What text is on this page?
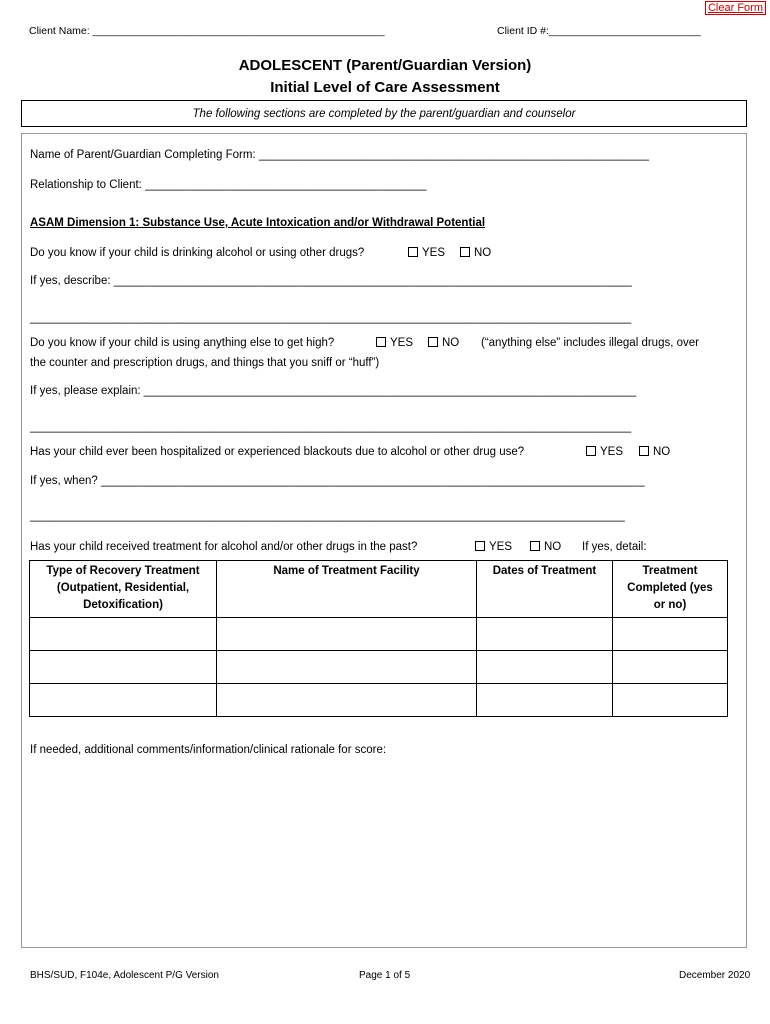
Clear Form
Client Name: __________________________________________________	Client ID #:__________________________
ADOLESCENT (Parent/Guardian Version)
Initial Level of Care Assessment
The following sections are completed by the parent/guardian and counselor
Name of Parent/Guardian Completing Form: _____________________________________________________________
Relationship to Client: ____________________________________________
ASAM Dimension 1: Substance Use, Acute Intoxication and/or Withdrawal Potential
Do you know if your child is drinking alcohol or using other drugs?	YES	NO
If yes, describe: _________________________________________________________________________________
______________________________________________________________________________________________
Do you know if your child is using anything else to get high?	YES	NO (“anything else” includes illegal drugs, over
the counter and prescription drugs, and things that you sniff or “huff”)
If yes, please explain: _____________________________________________________________________________
______________________________________________________________________________________________
Has your child ever been hospitalized or experienced blackouts due to alcohol or other drug use?	YES	NO
If yes, when? _____________________________________________________________________________________
_____________________________________________________________________________________________
Has your child received treatment for alcohol and/or other drugs in the past?	YES	NO If yes, detail:
Type of Recovery Treatment (Outpatient, Residential, Detoxification)	Name of Treatment Facility	Dates of Treatment	Treatment Completed (yes or no)

If needed, additional comments/information/clinical rationale for score:
BHS/SUD, F104e, Adolescent P/G Version	Page 1 of 5	December 2020
